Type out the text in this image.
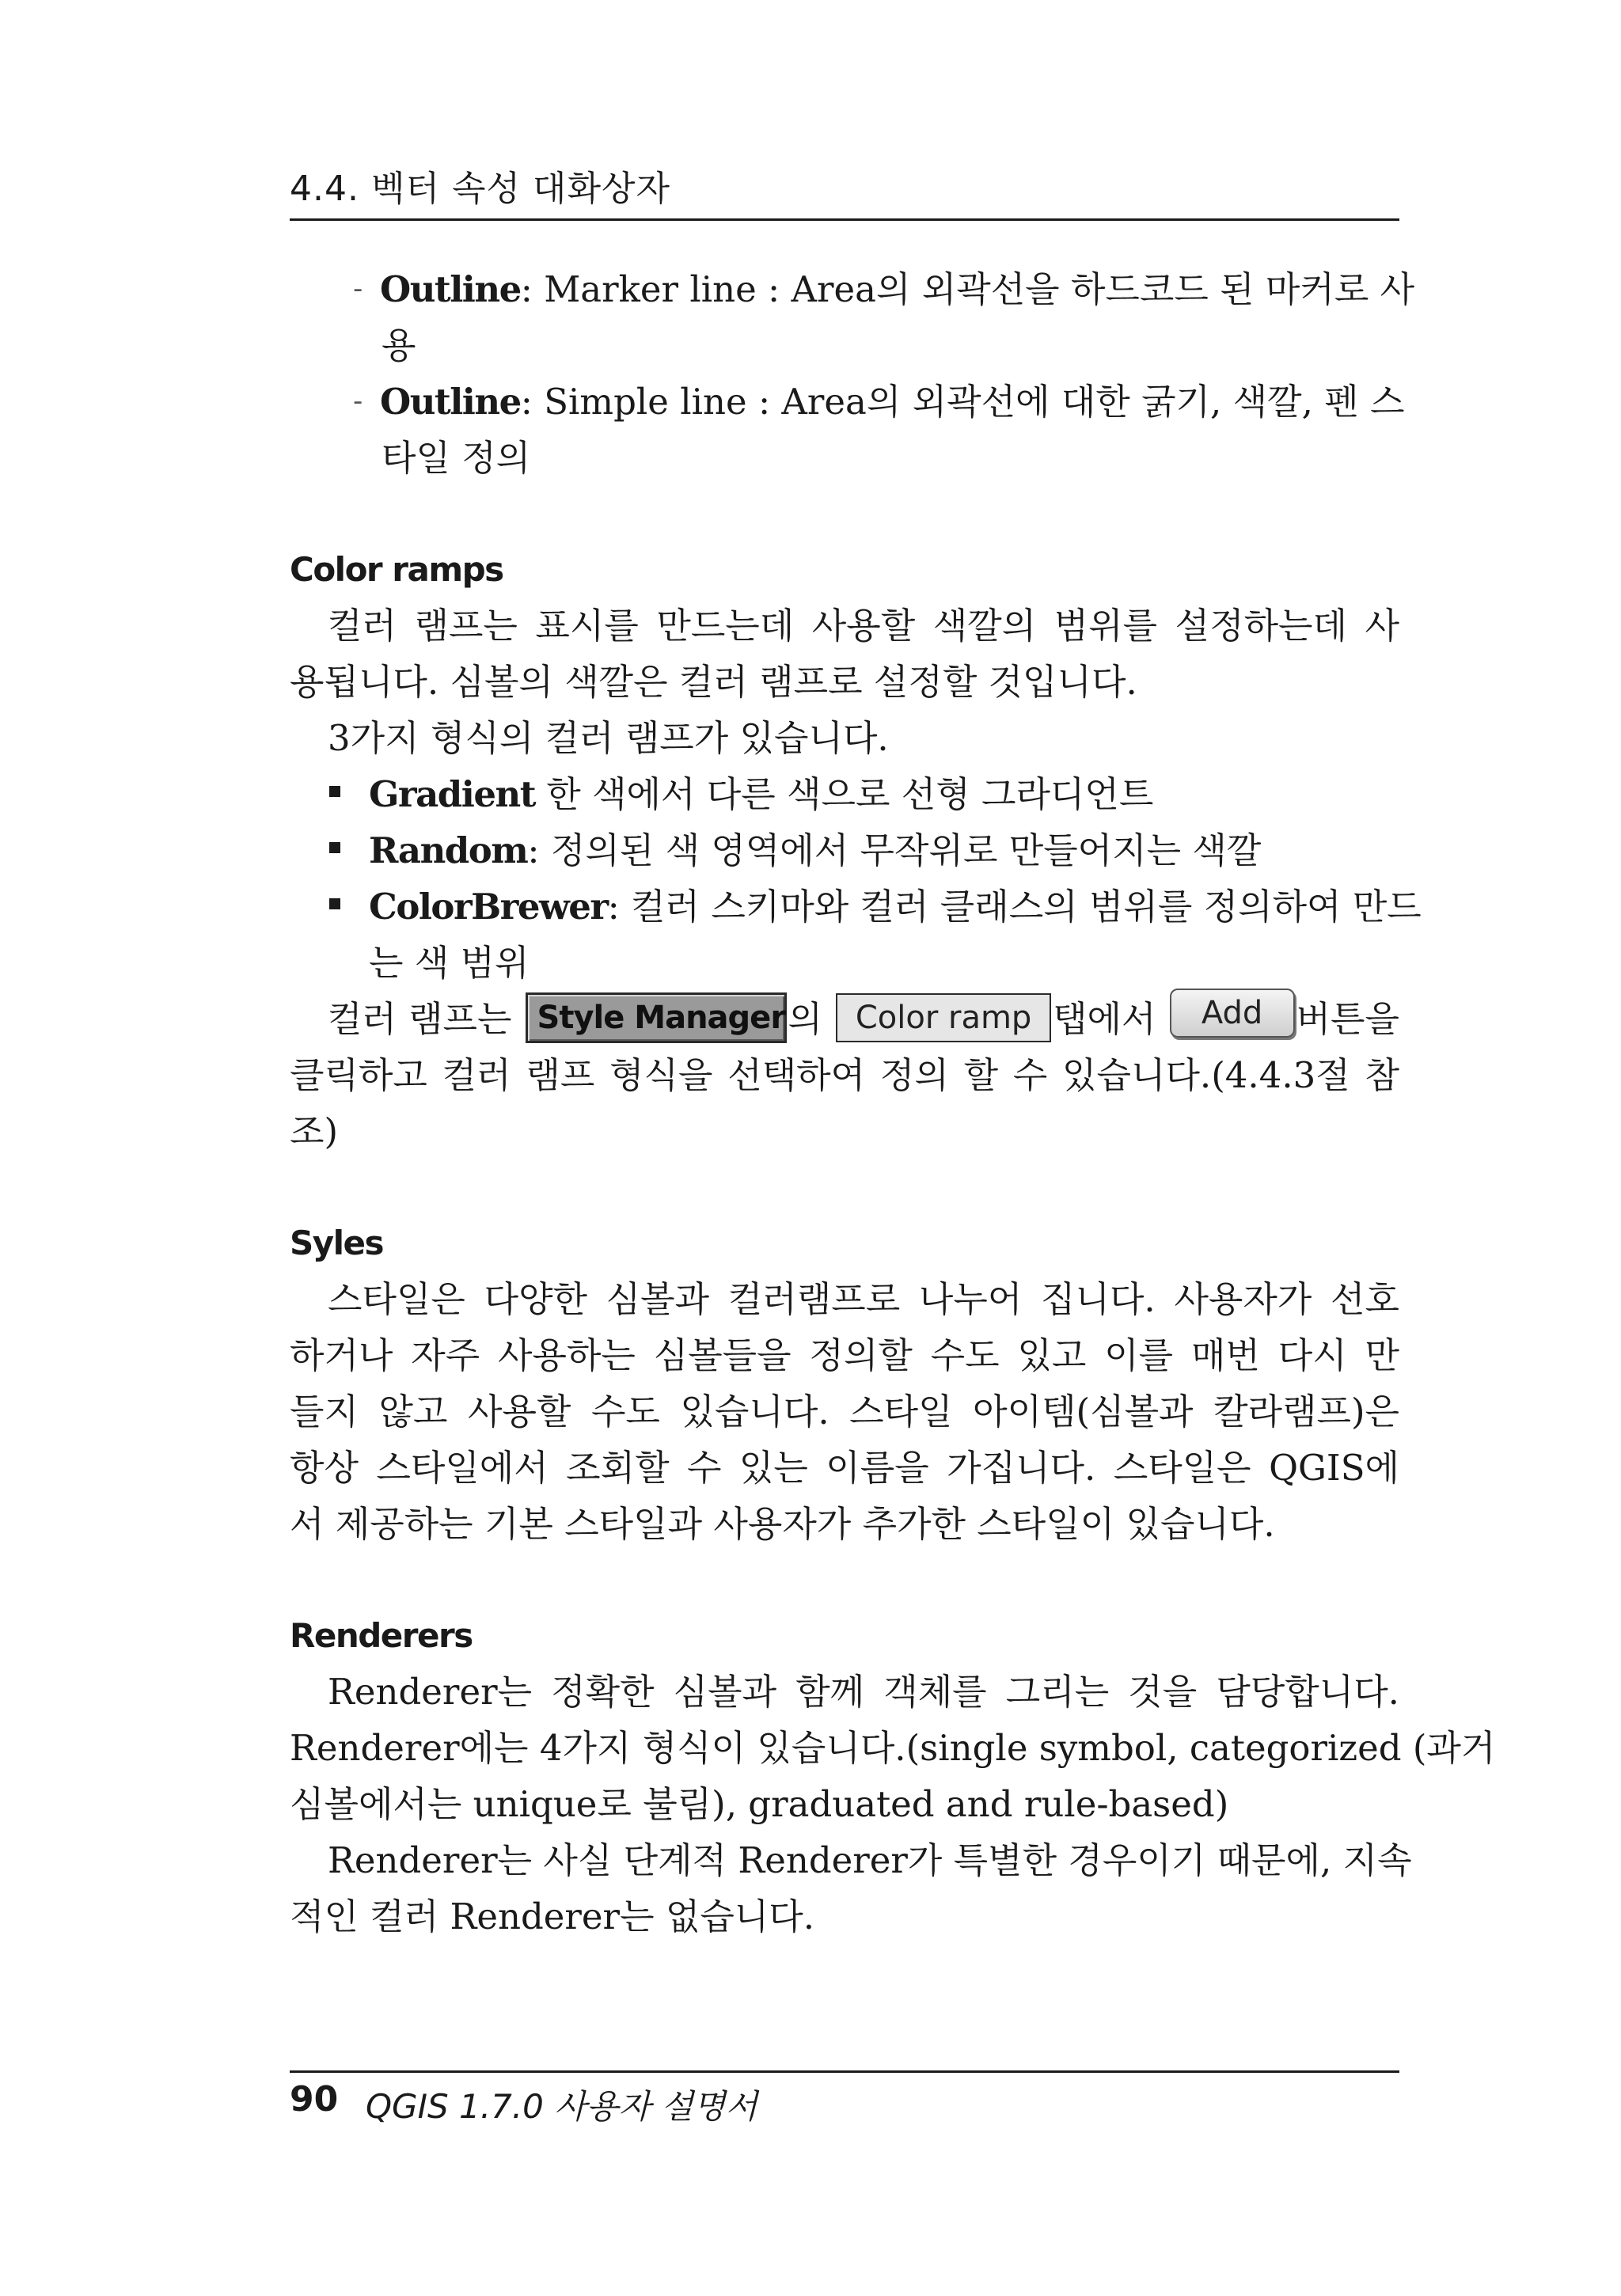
4.4. 벡터 속성 대화상자
- Outline: Marker line : Area의 외곽선을 하드코드 된 마커로 사
용
- Outline: Simple line : Area의 외곽선에 대한 굵기, 색깔, 펜 스
타일 정의
Color ramps
컬러 램프는 표시를 만드는데 사용할 색깔의 범위를 설정하는데 사
용됩니다. 심볼의 색깔은 컬러 램프로 설정할 것입니다.
3가지 형식의 컬러 램프가 있습니다.
Gradient 한 색에서 다른 색으로 선형 그라디언트
Random: 정의된 색 영역에서 무작위로 만들어지는 색깔
ColorBrewer: 컬러 스키마와 컬러 클래스의 범위를 정의하여 만드
는 색 범위
컬러 램프는 Style Manager의 Color ramp 탭에서 Add 버튼을
클릭하고 컬러 램프 형식을 선택하여 정의 할 수 있습니다.(4.4.3절 참
조)
Syles
스타일은 다양한 심볼과 컬러램프로 나누어 집니다. 사용자가 선호
하거나 자주 사용하는 심볼들을 정의할 수도 있고 이를 매번 다시 만
들지 않고 사용할 수도 있습니다. 스타일 아이템(심볼과 칼라램프)은
항상 스타일에서 조회할 수 있는 이름을 가집니다. 스타일은 QGIS에
서 제공하는 기본 스타일과 사용자가 추가한 스타일이 있습니다.
Renderers
Renderer는 정확한 심볼과 함께 객체를 그리는 것을 담당합니다.
Renderer에는 4가지 형식이 있습니다.(single symbol, categorized (과거
심볼에서는 unique로 불림), graduated and rule-based)
Renderer는 사실 단계적 Renderer가 특별한 경우이기 때문에, 지속
적인 컬러 Renderer는 없습니다.
90 QGIS 1.7.0 사용자 설명서
